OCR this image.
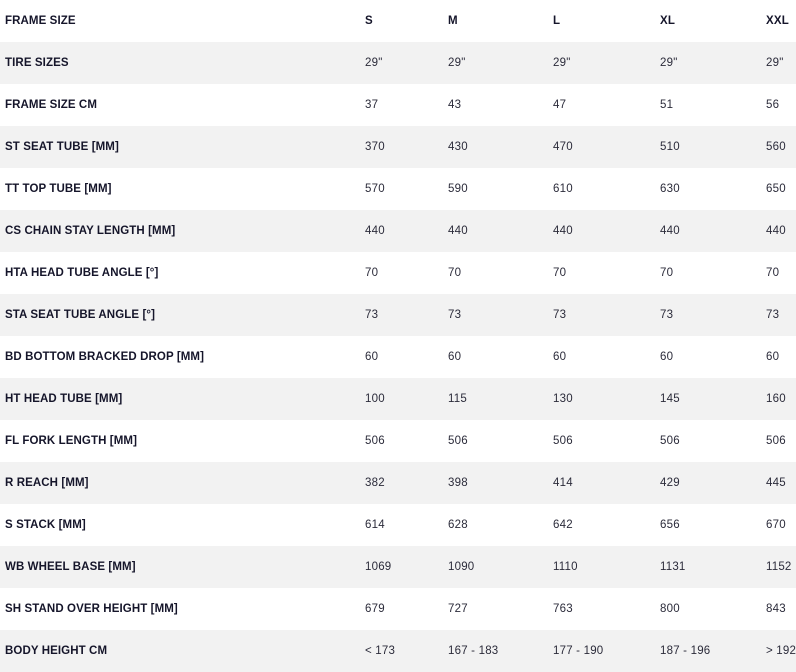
FRAME SIZE	S	M	L	XL	XXL
TIRE SIZES	29"	29"	29"	29"	29"
FRAME SIZE CM	37	43	47	51	56
ST SEAT TUBE [MM]	370	430	470	510	560
TT TOP TUBE [MM]	570	590	610	630	650
CS CHAIN STAY LENGTH [MM]	440	440	440	440	440
HTA HEAD TUBE ANGLE [°]	70	70	70	70	70
STA SEAT TUBE ANGLE [°]	73	73	73	73	73
BD BOTTOM BRACKED DROP [MM]	60	60	60	60	60
HT HEAD TUBE [MM]	100	115	130	145	160
FL FORK LENGTH [MM]	506	506	506	506	506
R REACH [MM]	382	398	414	429	445
S STACK [MM]	614	628	642	656	670
WB WHEEL BASE [MM]	1069	1090	1110	1131	1152
SH STAND OVER HEIGHT [MM]	679	727	763	800	843
BODY HEIGHT CM	< 173	167 - 183	177 - 190	187 - 196	> 192
